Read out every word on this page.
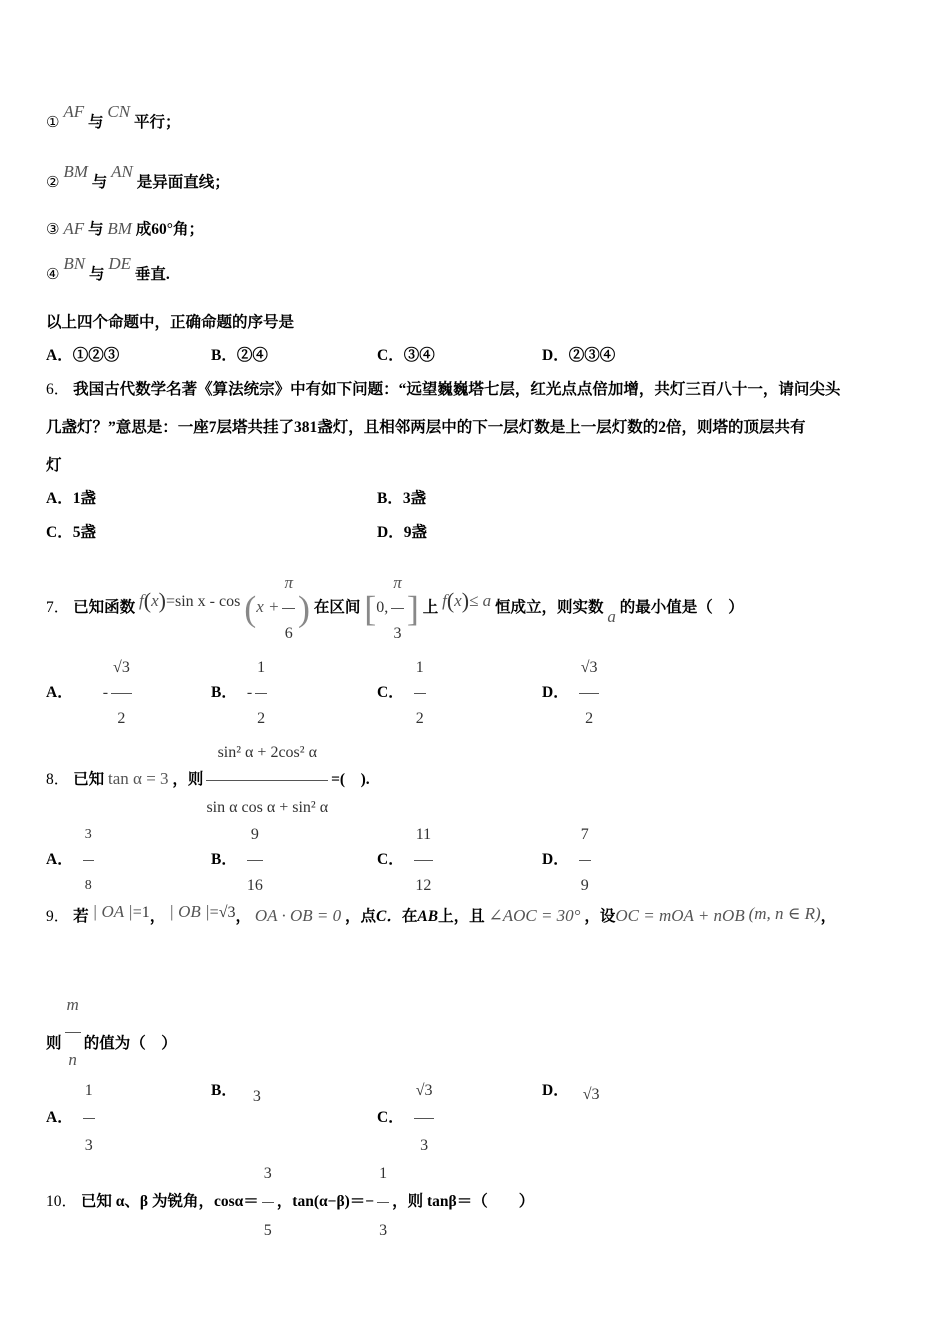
① AF 与 CN 平行；
② BM 与 AN 是异面直线；
③ AF 与 BM 成60°角；
④ BN 与 DE 垂直.
以上四个命题中，正确命题的序号是
A．①②③	B．②④	C．③④	D．②③④
6． 我国古代数学名著《算法统宗》中有如下问题：“远望巍巍塔七层，红光点点倍加增，共灯三百八十一，请问尖头
几盏灯？”意思是：一座7层塔共挂了381盏灯，且相邻两层中的下一层灯数是上一层灯数的2倍，则塔的顶层共有
灯
A．1盏	B．3盏
C．5盏	D．9盏
7． 已知函数 f(x)=sin $x - \cos (x + \frac{\pi}{6}$ ) 在区间 [0, $\frac{\pi}{3}$ ] 上 f(x)≤ a 恒成立，则实数 a 的最小值是（　）
A． - $\frac{√3}{2}$	B． - $\frac{1}{2}$	C． $\frac{1}{2}$	D． $\frac{√3}{2}$
8． 已知 tan α = 3 ，则 $\frac{\text{sin² α + 2cos² α}}{\text{sin α cos α + sin² α}}$ =(　).
A． $\frac{3}{8}$	B． $\frac{9}{16}$	C． $\frac{11}{12}$	D． $\frac{7}{9}$
9． 若 | OA |=1， | OB |=√3， OA · OB = 0 ，点C．在AB上，且 ∠AOC = 30° ，设OC = mOA + nOB (m, n ∈ R)，
则 $\frac{m}{n}$ 的值为（　）
A． $\frac{1}{3}$	B． 3
C． $\frac{√3}{3}$	D． √3
10． 已知 α、β 为锐角，$\cos\alpha= \frac{3}{5}$ ，$\tan(\alpha-\beta)=- \frac{1}{3}$ ，则 tanβ＝（　　）
